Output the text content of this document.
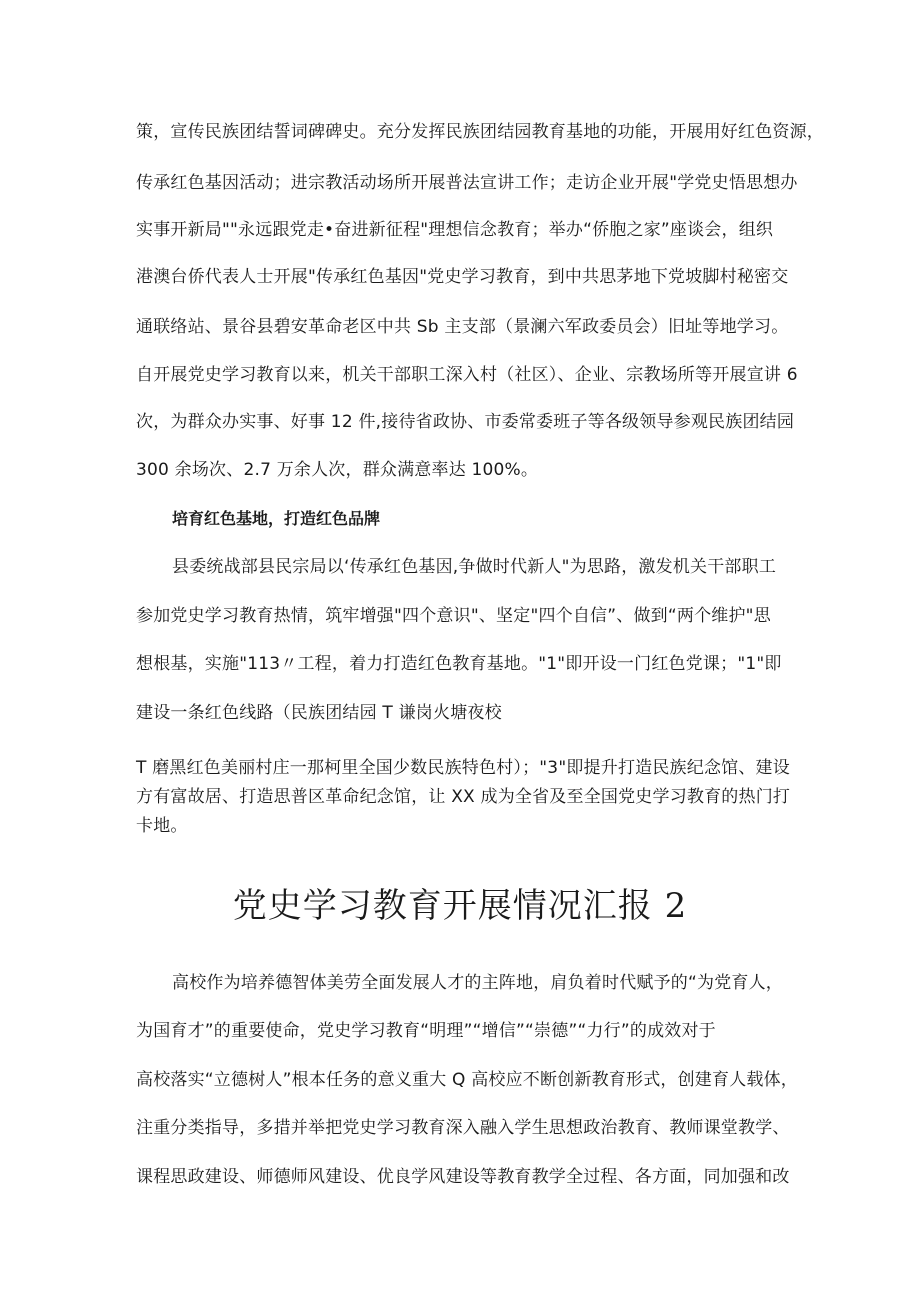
策，宣传民族团结誓词碑碑史。充分发挥民族团结园教育基地的功能，开展用好红色资源，
传承红色基因活动；进宗教活动场所开展普法宣讲工作；走访企业开展"学党史悟思想办
实事开新局""永远跟党走•奋进新征程"理想信念教育；举办“侨胞之家”座谈会，组织
港澳台侨代表人士开展"传承红色基因"党史学习教育，到中共思茅地下党坡脚村秘密交
通联络站、景谷县碧安革命老区中共 Sb 主支部（景澜六军政委员会）旧址等地学习。
自开展党史学习教育以来，机关干部职工深入村（社区）、企业、宗教场所等开展宣讲 6
次，为群众办实事、好事 12 件,接待省政协、市委常委班子等各级领导参观民族团结园
300 余场次、2.7 万余人次，群众满意率达 100%。
培育红色基地，打造红色品牌
县委统战部县民宗局以‘传承红色基因,争做时代新人"为思路，激发机关干部职工
参加党史学习教育热情，筑牢增强"四个意识"、坚定"四个自信”、做到“两个维护"思
想根基，实施"113〃工程，着力打造红色教育基地。"1"即开设一门红色党课；"1"即
建设一条红色线路（民族团结园 T 谦岗火塘夜校
T 磨黑红色美丽村庄一那柯里全国少数民族特色村）；"3"即提升打造民族纪念馆、建设
方有富故居、打造思普区革命纪念馆，让 XX 成为全省及至全国党史学习教育的热门打
卡地。
党史学习教育开展情况汇报 2
高校作为培养德智体美劳全面发展人才的主阵地，肩负着时代赋予的“为党育人，
为国育才”的重要使命，党史学习教育“明理”“增信”“崇德”“力行”的成效对于
高校落实“立德树人”根本任务的意义重大 Q 高校应不断创新教育形式，创建育人载体，
注重分类指导，多措并举把党史学习教育深入融入学生思想政治教育、教师课堂教学、
课程思政建设、师德师风建设、优良学风建设等教育教学全过程、各方面，同加强和改
